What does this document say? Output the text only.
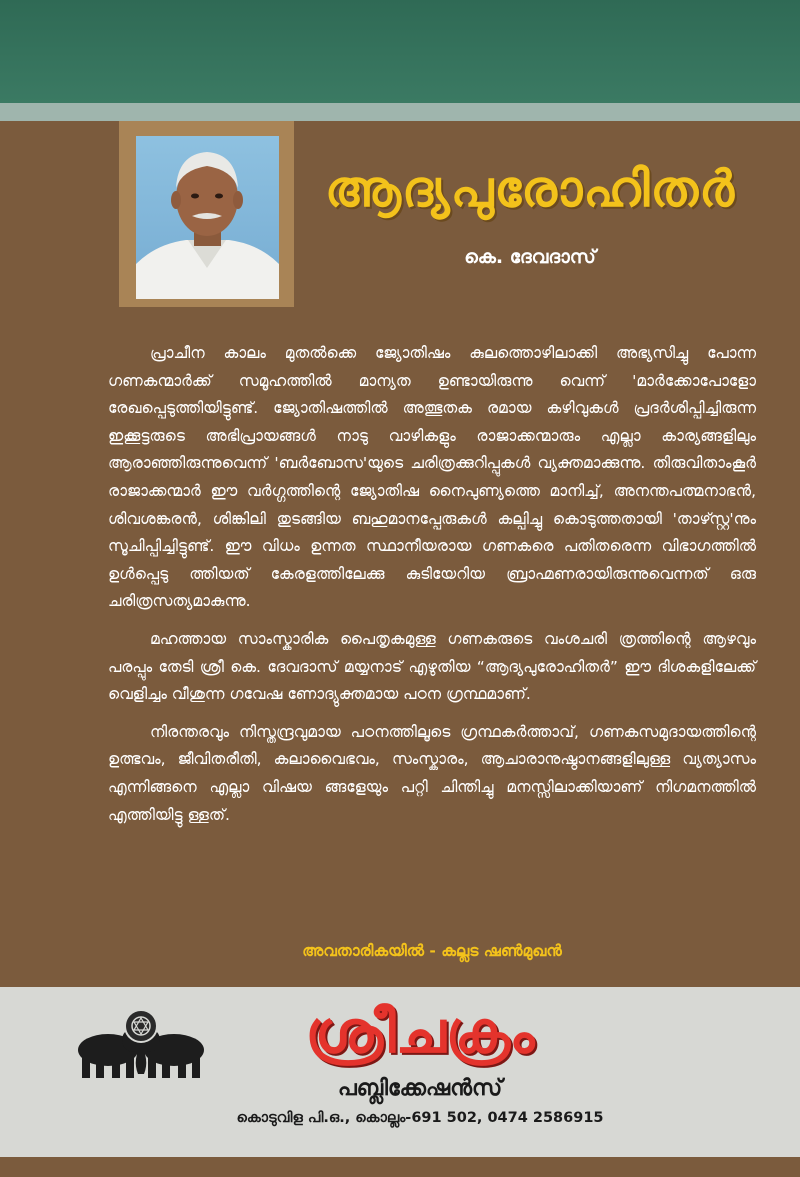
ആദ്യപുരോഹിതർ
കെ. ദേവദാസ്

പ്രാചീന കാലം മുതൽക്കെ ജ്യോതിഷം കുലത്തൊഴിലാക്കി അഭ്യസിച്ചു പോന്ന ഗണകന്മാർക്ക് സമൂഹത്തിൽ മാന്യത ഉണ്ടായിരുന്നു വെന്ന് 'മാർക്കോപോളോ രേഖപ്പെടുത്തിയിട്ടുണ്ട്. ജ്യോതിഷത്തിൽ അത്ഭുതക രമായ കഴിവുകൾ പ്രദർശിപ്പിച്ചിരുന്ന ഇക്കൂട്ടരുടെ അഭിപ്രായങ്ങൾ നാടു വാഴികളും രാജാക്കന്മാരും എല്ലാ കാര്യങ്ങളിലും ആരാഞ്ഞിരുന്നുവെന്ന് 'ബർബോസ'യുടെ ചരിത്രക്കുറിപ്പുകൾ വ്യക്തമാക്കുന്നു. തിരുവിതാംകൂർ രാജാക്കന്മാർ ഈ വർഗ്ഗത്തിന്റെ ജ്യോതിഷ നൈപുണ്യത്തെ മാനിച്ച്, അനന്തപത്മനാഭൻ, ശിവശങ്കരൻ, ശിങ്കിലി തുടങ്ങിയ ബഹുമാനപ്പേരുകൾ കല്പിച്ചു കൊടുത്തതായി 'താഴ്സ്റ്റ'നും സൂചിപ്പിച്ചിട്ടുണ്ട്. ഈ വിധം ഉന്നത സ്ഥാനീയരായ ഗണകരെ പതിതരെന്ന വിഭാഗത്തിൽ ഉൾപ്പെടു ത്തിയത് കേരളത്തിലേക്കു കുടിയേറിയ ബ്രാഹ്മണരായിരുന്നുവെന്നത് ഒരു ചരിത്രസത്യമാകുന്നു.

മഹത്തായ സാംസ്കാരിക പൈതൃകമുള്ള ഗണകരുടെ വംശചരി ത്രത്തിന്റെ ആഴവും പരപ്പും തേടി ശ്രീ കെ. ദേവദാസ് മയ്യനാട് എഴുതിയ “ആദ്യപുരോഹിതർ” ഈ ദിശകളിലേക്ക് വെളിച്ചം വീശുന്ന ഗവേഷ ണോദ്യുക്തമായ പഠന ഗ്രന്ഥമാണ്.

നിരന്തരവും നിസ്തന്ദ്രവുമായ പഠനത്തിലൂടെ ഗ്രന്ഥകർത്താവ്, ഗണകസമുദായത്തിന്റെ ഉത്ഭവം, ജീവിതരീതി, കലാവൈഭവം, സംസ്കാരം, ആചാരാനുഷ്ഠാനങ്ങളിലുള്ള വ്യത്യാസം എന്നിങ്ങനെ എല്ലാ വിഷയ ങ്ങളേയും പറ്റി ചിന്തിച്ചു മനസ്സിലാക്കിയാണ് നിഗമനത്തിൽ എത്തിയിട്ടു ള്ളത്.

അവതാരികയിൽ - കല്ലട ഷൺമുഖൻ
ശ്രീചക്രം
പബ്ലിക്കേഷൻസ്
കൊടുവിള പി.ഒ., കൊല്ലം-691 502, 0474 2586915
